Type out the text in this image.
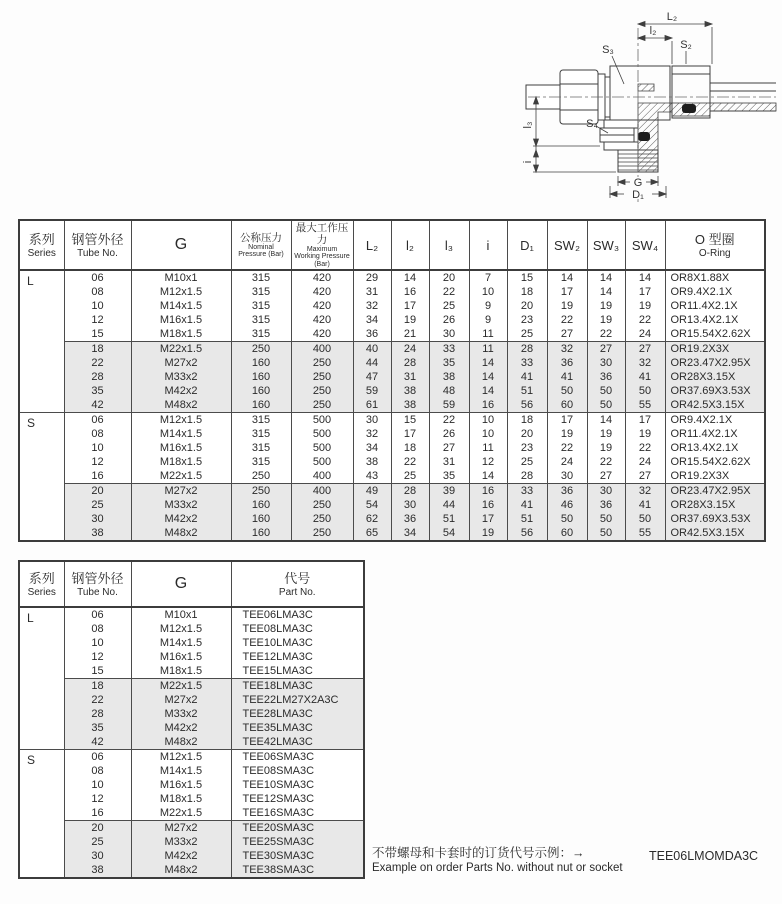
L₂
l₂
S₃	S₂
S₄
l₃
i
G
D₁
系列
Series

钢管外径
Tube No.	G	公称压力
Nominal Pressure (Bar)

最大工作压力
Maximum Working Pressure (Bar)
	L₂	l₂	l₃	i	D₁	SW₂	SW₃	SW₄	O 型圈
O-Ring

L	06	M10x1	315	420	29	14	20	7	15	14	14	14	OR8X1.88X
	08	M12x1.5	315	420	31	16	22	10	18	17	14	17	OR9.4X2.1X
	10	M14x1.5	315	420	32	17	25	9	20	19	19	19	OR11.4X2.1X
	12	M16x1.5	315	420	34	19	26	9	23	22	19	22	OR13.4X2.1X
	15	M18x1.5	315	420	36	21	30	11	25	27	22	24	OR15.54X2.62X
	18	M22x1.5	250	400	40	24	33	11	28	32	27	27	OR19.2X3X
	22	M27x2	160	250	44	28	35	14	33	36	30	32	OR23.47X2.95X
	28	M33x2	160	250	47	31	38	14	41	41	36	41	OR28X3.15X
	35	M42x2	160	250	59	38	48	14	51	50	50	50	OR37.69X3.53X
	42	M48x2	160	250	61	38	59	16	56	60	50	55	OR42.5X3.15X
S	06	M12x1.5	315	500	30	15	22	10	18	17	14	17	OR9.4X2.1X
	08	M14x1.5	315	500	32	17	26	10	20	19	19	19	OR11.4X2.1X
	10	M16x1.5	315	500	34	18	27	11	23	22	19	22	OR13.4X2.1X
	12	M18x1.5	315	500	38	22	31	12	25	24	22	24	OR15.54X2.62X
	16	M22x1.5	250	400	43	25	35	14	28	30	27	27	OR19.2X3X
	20	M27x2	250	400	49	28	39	16	33	36	30	32	OR23.47X2.95X
	25	M33x2	160	250	54	30	44	16	41	46	36	41	OR28X3.15X
	30	M42x2	160	250	62	36	51	17	51	50	50	50	OR37.69X3.53X
	38	M48x2	160	250	65	34	54	19	56	60	50	55	OR42.5X3.15X
系列
Series

钢管外径
Tube No.	G	代号
Part No.

L	06	M10x1	TEE06LMA3C
	08	M12x1.5	TEE08LMA3C
	10	M14x1.5	TEE10LMA3C
	12	M16x1.5	TEE12LMA3C
	15	M18x1.5	TEE15LMA3C
	18	M22x1.5	TEE18LMA3C
	22	M27x2	TEE22LM27X2A3C
	28	M33x2	TEE28LMA3C
	35	M42x2	TEE35LMA3C
	42	M48x2	TEE42LMA3C
S	06	M12x1.5	TEE06SMA3C
	08	M14x1.5	TEE08SMA3C
	10	M16x1.5	TEE10SMA3C
	12	M18x1.5	TEE12SMA3C
	16	M22x1.5	TEE16SMA3C
	20	M27x2	TEE20SMA3C
	25	M33x2	TEE25SMA3C
	30	M42x2	TEE30SMA3C
	38	M48x2	TEE38SMA3C
不带螺母和卡套时的订货代号示例：→
Example on order Parts No. without nut or socket
TEE06LMOMDA3C
